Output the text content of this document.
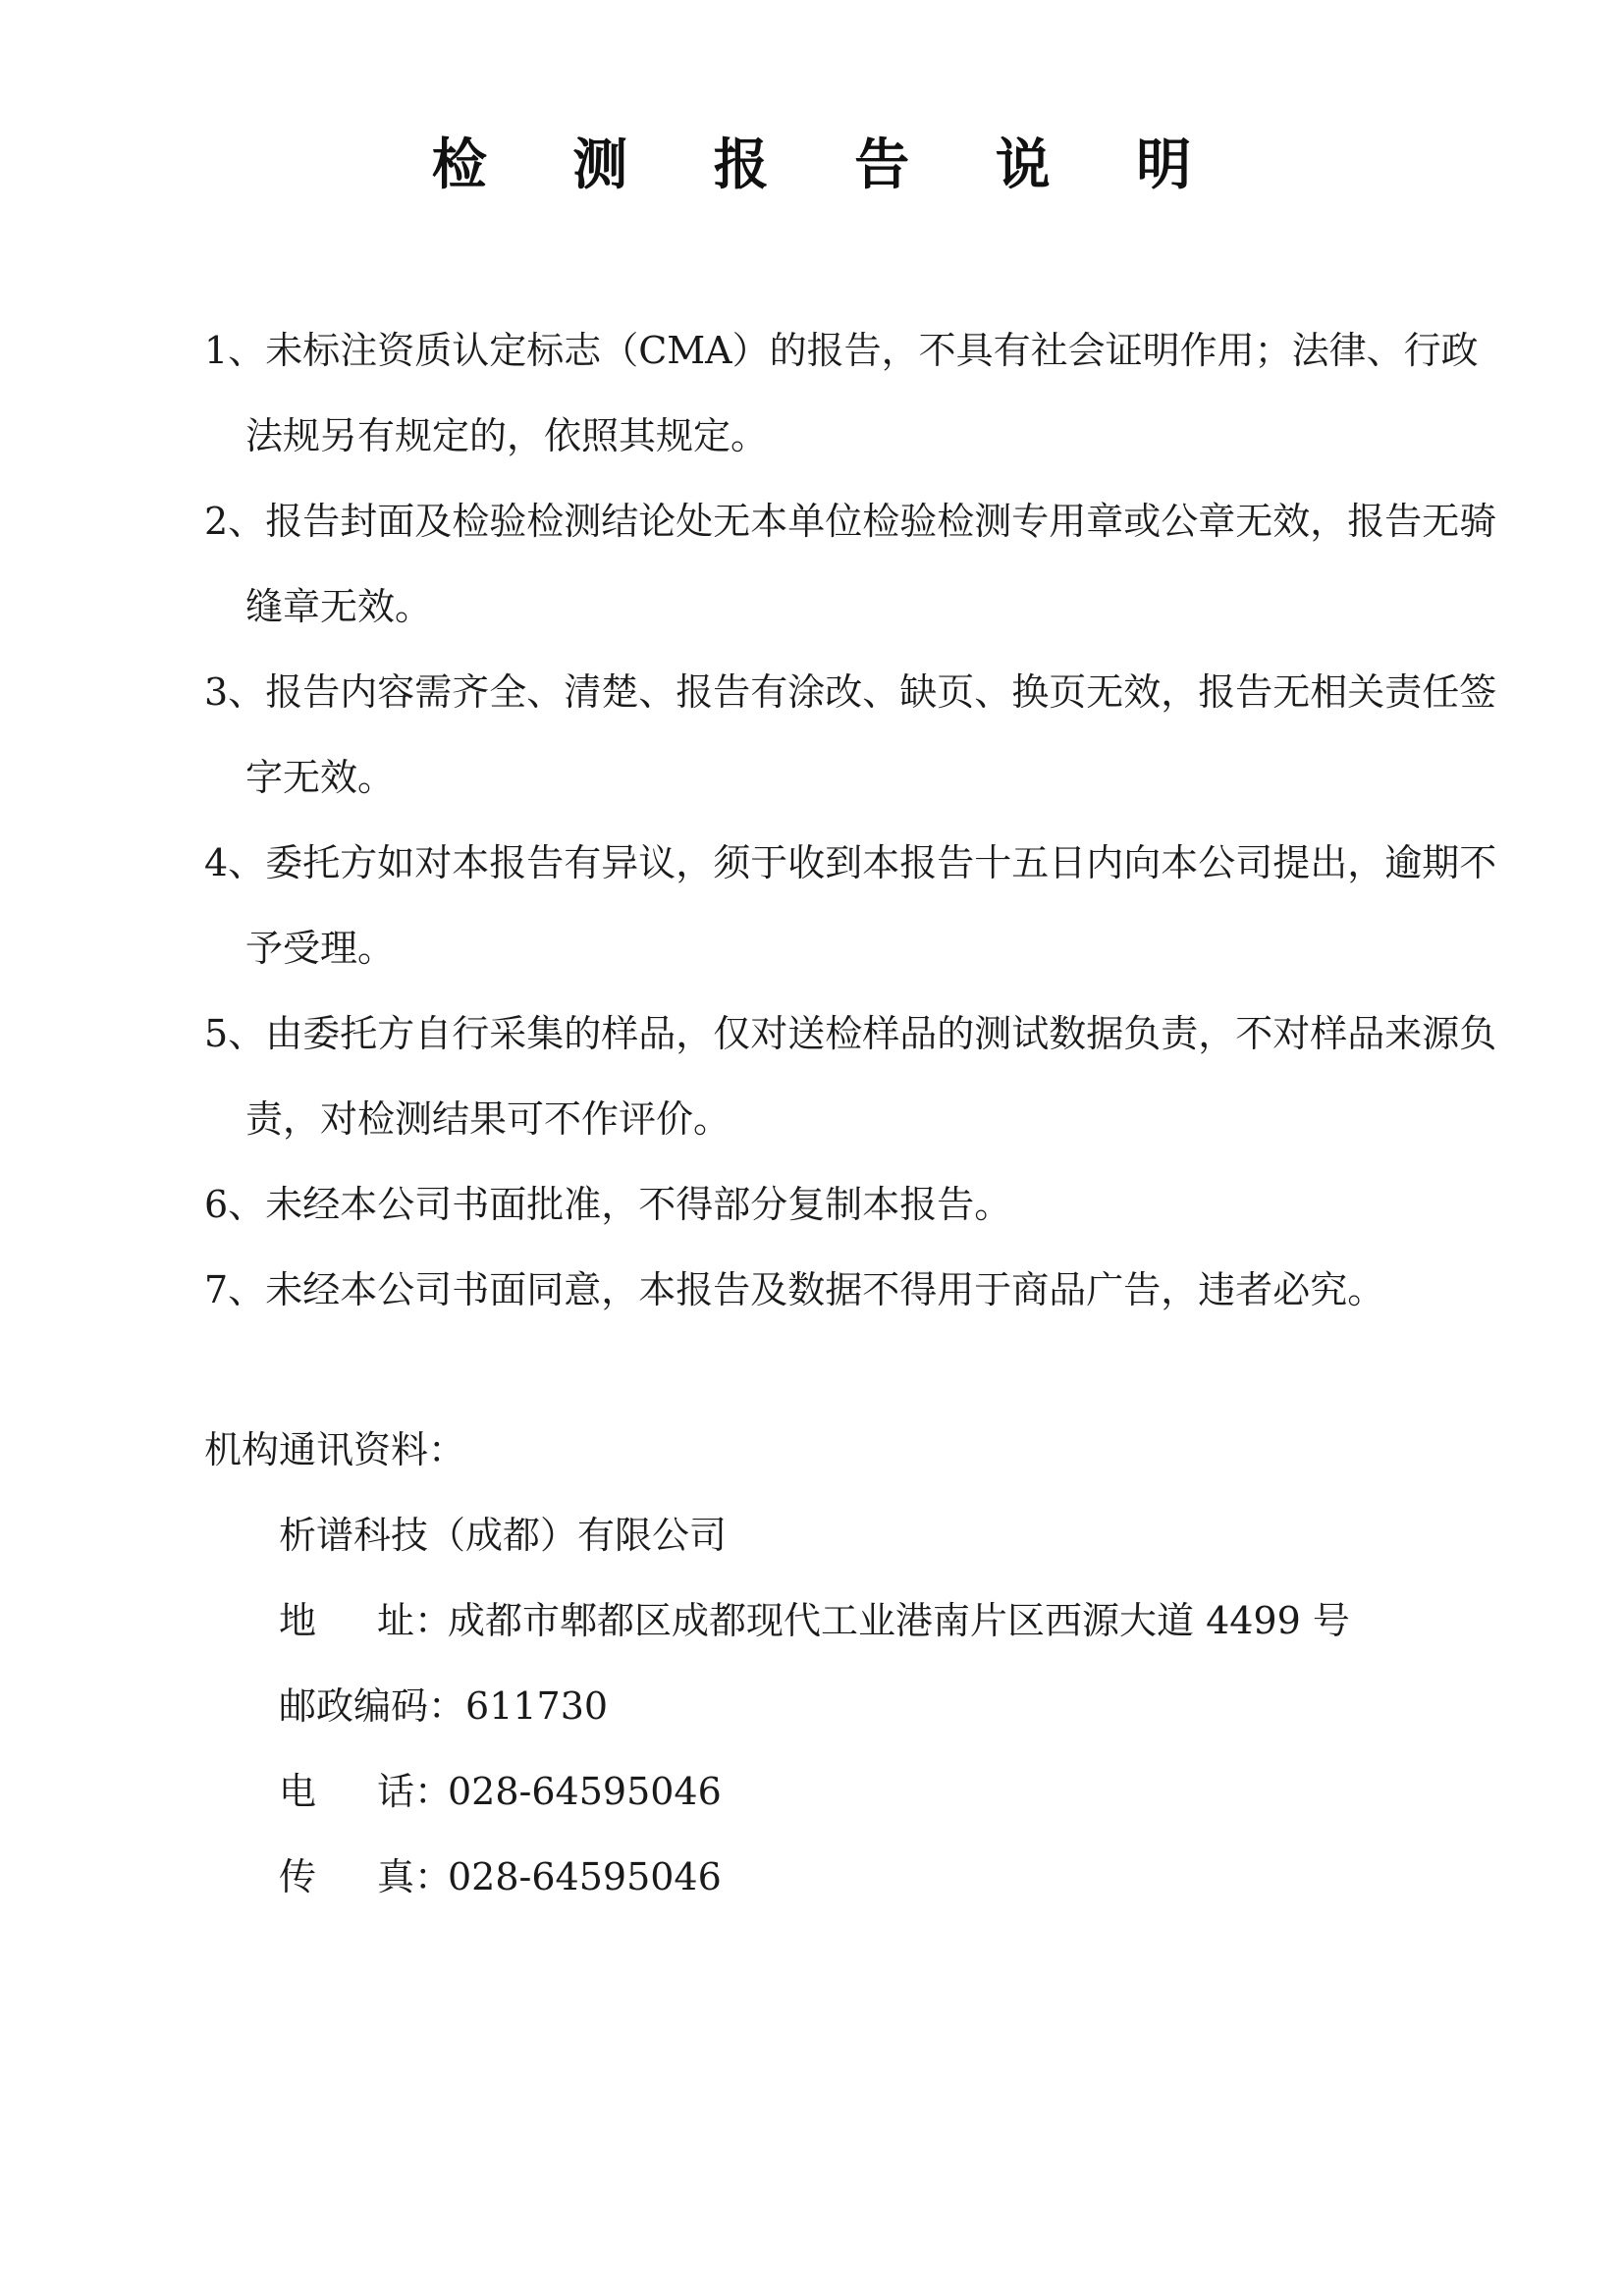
检 测 报 告 说 明

1、未标注资质认定标志（CMA）的报告，不具有社会证明作用；法律、行政法规另有规定的，依照其规定。

2、报告封面及检验检测结论处无本单位检验检测专用章或公章无效，报告无骑缝章无效。

3、报告内容需齐全、清楚、报告有涂改、缺页、换页无效，报告无相关责任签字无效。

4、委托方如对本报告有异议，须于收到本报告十五日内向本公司提出，逾期不予受理。

5、由委托方自行采集的样品，仅对送检样品的测试数据负责，不对样品来源负责，对检测结果可不作评价。

6、未经本公司书面批准，不得部分复制本报告。

7、未经本公司书面同意，本报告及数据不得用于商品广告，违者必究。

机构通讯资料：
析谱科技（成都）有限公司
地 址：成都市郫都区成都现代工业港南片区西源大道 4499 号
邮政编码：611730
电 话：028-64595046
传 真：028-64595046
